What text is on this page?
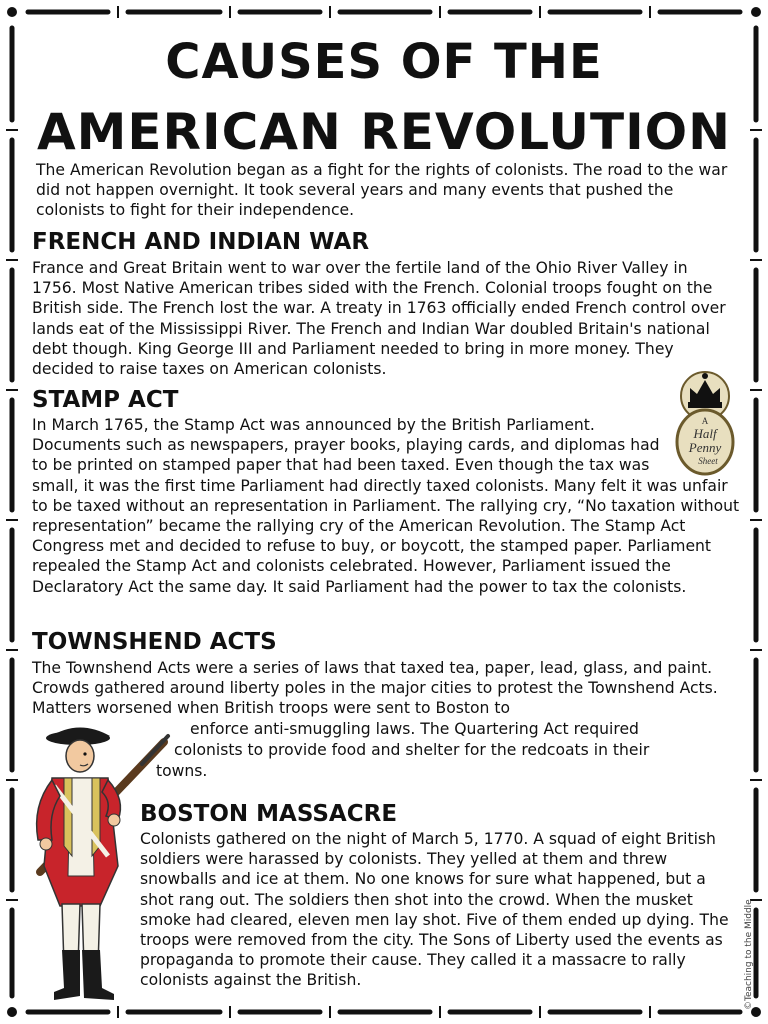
CAUSES OF THE
AMERICAN REVOLUTION

The American Revolution began as a fight for the rights of colonists. The road to the war did not happen overnight. It took several years and many events that pushed the colonists to fight for their independence.

FRENCH AND INDIAN WAR

France and Great Britain went to war over the fertile land of the Ohio River Valley in 1756. Most Native American tribes sided with the French. Colonial troops fought on the British side. The French lost the war. A treaty in 1763 officially ended French control over lands eat of the Mississippi River. The French and Indian War doubled Britain's national debt though. King George III and Parliament needed to bring in more money. They decided to raise taxes on American colonists.

STAMP ACT
In March 1765, the Stamp Act was announced by the British Parliament. Documents such as newspapers, prayer books, playing cards, and diplomas had to be printed on stamped paper that had been taxed. Even though the tax was small, it was the first time Parliament had directly taxed colonists. Many felt it was unfair to be taxed without an representation in Parliament. The rallying cry, “No taxation without representation” became the rallying cry of the American Revolution. The Stamp Act Congress met and decided to refuse to buy, or boycott, the stamped paper. Parliament repealed the Stamp Act and colonists celebrated. However, Parliament issued the Declaratory Act the same day. It said Parliament had the power to tax the colonists.
A
Half
Penny
Sheet
TOWNSHEND ACTS

The Townshend Acts were a series of laws that taxed tea, paper, lead, glass, and paint. Crowds gathered around liberty poles in the major cities to protest the Townshend Acts. Matters worsened when British troops were sent to Boston to

enforce anti-smuggling laws. The Quartering Act required

colonists to provide food and shelter for the redcoats in their

towns.

BOSTON MASSACRE

Colonists gathered on the night of March 5, 1770. A squad of eight British soldiers were harassed by colonists. They yelled at them and threw snowballs and ice at them. No one knows for sure what happened, but a shot rang out. The soldiers then shot into the crowd. When the musket smoke had cleared, eleven men lay shot. Five of them ended up dying. The troops were removed from the city. The Sons of Liberty used the events as propaganda to promote their cause. They called it a massacre to rally colonists against the British.	©Teaching to the Middle
